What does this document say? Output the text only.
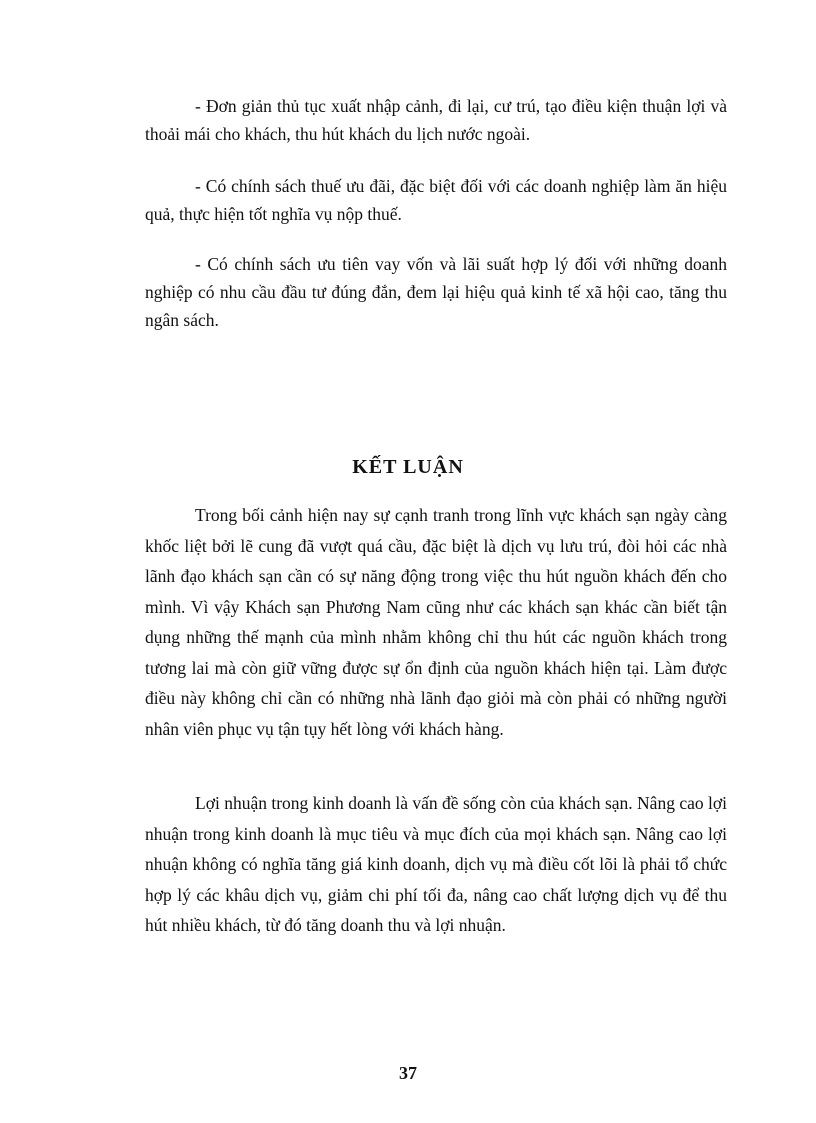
- Đơn giản thủ tục xuất nhập cảnh, đi lại, cư trú, tạo điều kiện thuận lợi và thoải mái cho khách, thu hút khách du lịch nước ngoài.

- Có chính sách thuế ưu đãi, đặc biệt đối với các doanh nghiệp làm ăn hiệu quả, thực hiện tốt nghĩa vụ nộp thuế.

- Có chính sách ưu tiên vay vốn và lãi suất hợp lý đối với những doanh nghiệp có nhu cầu đầu tư đúng đắn, đem lại hiệu quả kinh tế xã hội cao, tăng thu ngân sách.

KẾT LUẬN

Trong bối cảnh hiện nay sự cạnh tranh trong lĩnh vực khách sạn ngày càng khốc liệt bởi lẽ cung đã vượt quá cầu, đặc biệt là dịch vụ lưu trú, đòi hỏi các nhà lãnh đạo khách sạn cần có sự năng động trong việc thu hút nguồn khách đến cho mình. Vì vậy Khách sạn Phương Nam cũng như các khách sạn khác cần biết tận dụng những thế mạnh của mình nhằm không chỉ thu hút các nguồn khách trong tương lai mà còn giữ vững được sự ổn định của nguồn khách hiện tại. Làm được điều này không chỉ cần có những nhà lãnh đạo giỏi mà còn phải có những người nhân viên phục vụ tận tụy hết lòng với khách hàng.

Lợi nhuận trong kinh doanh là vấn đề sống còn của khách sạn. Nâng cao lợi nhuận trong kinh doanh là mục tiêu và mục đích của mọi khách sạn. Nâng cao lợi nhuận không có nghĩa tăng giá kinh doanh, dịch vụ mà điều cốt lõi là phải tổ chức hợp lý các khâu dịch vụ, giảm chi phí tối đa, nâng cao chất lượng dịch vụ để thu hút nhiều khách, từ đó tăng doanh thu và lợi nhuận.

37
